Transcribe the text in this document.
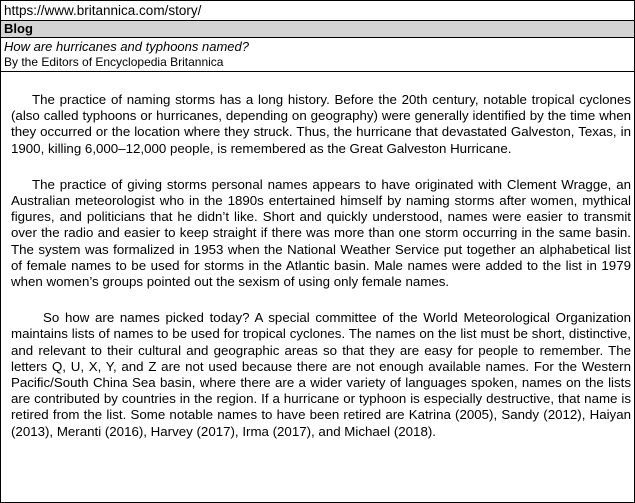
https://www.britannica.com/story/
Blog
How are hurricanes and typhoons named?
By the Editors of Encyclopedia Britannica

The practice of naming storms has a long history. Before the 20th century, notable tropical cyclones (also called typhoons or hurricanes, depending on geography) were generally identified by the time when they occurred or the location where they struck. Thus, the hurricane that devastated Galveston, Texas, in 1900, killing 6,000–12,000 people, is remembered as the Great Galveston Hurricane.

The practice of giving storms personal names appears to have originated with Clement Wragge, an Australian meteorologist who in the 1890s entertained himself by naming storms after women, mythical figures, and politicians that he didn’t like. Short and quickly understood, names were easier to transmit over the radio and easier to keep straight if there was more than one storm occurring in the same basin. The system was formalized in 1953 when the National Weather Service put together an alphabetical list of female names to be used for storms in the Atlantic basin. Male names were added to the list in 1979 when women’s groups pointed out the sexism of using only female names.

So how are names picked today? A special committee of the World Meteorological Organization maintains lists of names to be used for tropical cyclones. The names on the list must be short, distinctive, and relevant to their cultural and geographic areas so that they are easy for people to remember. The letters Q, U, X, Y, and Z are not used because there are not enough available names. For the Western Pacific/South China Sea basin, where there are a wider variety of languages spoken, names on the lists are contributed by countries in the region. If a hurricane or typhoon is especially destructive, that name is retired from the list. Some notable names to have been retired are Katrina (2005), Sandy (2012), Haiyan (2013), Meranti (2016), Harvey (2017), Irma (2017), and Michael (2018).
